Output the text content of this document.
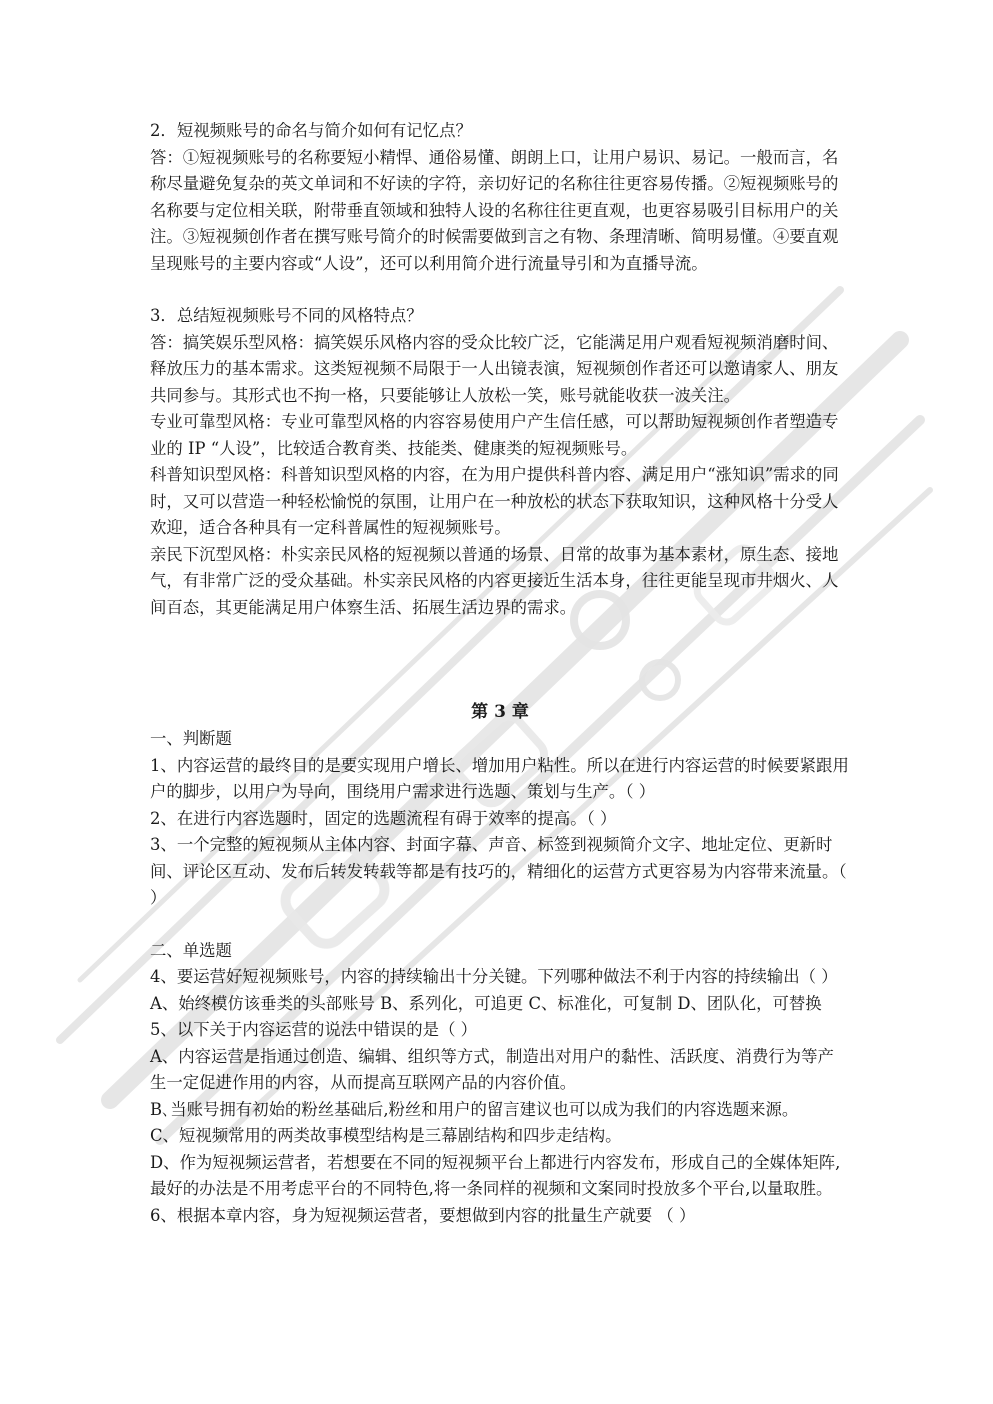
2．短视频账号的命名与简介如何有记忆点？

答：①短视频账号的名称要短小精悍、通俗易懂、朗朗上口，让用户易识、易记。一般而言，名称尽量避免复杂的英文单词和不好读的字符，亲切好记的名称往往更容易传播。②短视频账号的名称要与定位相关联，附带垂直领域和独特人设的名称往往更直观，也更容易吸引目标用户的关注。③短视频创作者在撰写账号简介的时候需要做到言之有物、条理清晰、简明易懂。④要直观呈现账号的主要内容或“人设”，还可以利用简介进行流量导引和为直播导流。

3．总结短视频账号不同的风格特点？

答：搞笑娱乐型风格：搞笑娱乐风格内容的受众比较广泛，它能满足用户观看短视频消磨时间、释放压力的基本需求。这类短视频不局限于一人出镜表演，短视频创作者还可以邀请家人、朋友共同参与。其形式也不拘一格，只要能够让人放松一笑，账号就能收获一波关注。

专业可靠型风格：专业可靠型风格的内容容易使用户产生信任感，可以帮助短视频创作者塑造专业的 IP “人设”，比较适合教育类、技能类、健康类的短视频账号。

科普知识型风格：科普知识型风格的内容，在为用户提供科普内容、满足用户“涨知识”需求的同时，又可以营造一种轻松愉悦的氛围，让用户在一种放松的状态下获取知识，这种风格十分受人欢迎，适合各种具有一定科普属性的短视频账号。

亲民下沉型风格：朴实亲民风格的短视频以普通的场景、日常的故事为基本素材，原生态、接地气，有非常广泛的受众基础。朴实亲民风格的内容更接近生活本身，往往更能呈现市井烟火、人间百态，其更能满足用户体察生活、拓展生活边界的需求。

第 3 章

一、判断题

1、内容运营的最终目的是要实现用户增长、增加用户粘性。所以在进行内容运营的时候要紧跟用户的脚步，以用户为导向，围绕用户需求进行选题、策划与生产。（ ）

2、在进行内容选题时，固定的选题流程有碍于效率的提高。（ ）

3、一个完整的短视频从主体内容、封面字幕、声音、标签到视频简介文字、地址定位、更新时间、评论区互动、发布后转发转载等都是有技巧的，精细化的运营方式更容易为内容带来流量。（ ）

二、单选题

4、要运营好短视频账号，内容的持续输出十分关键。下列哪种做法不利于内容的持续输出（ ）

A、始终模仿该垂类的头部账号 B、系列化，可追更 C、标准化，可复制 D、团队化，可替换

5、以下关于内容运营的说法中错误的是（ ）

A、内容运营是指通过创造、编辑、组织等方式，制造出对用户的黏性、活跃度、消费行为等产生一定促进作用的内容，从而提高互联网产品的内容价值。

B､当账号拥有初始的粉丝基础后,粉丝和用户的留言建议也可以成为我们的内容选题来源。

C、短视频常用的两类故事模型结构是三幕剧结构和四步走结构。

D、作为短视频运营者，若想要在不同的短视频平台上都进行内容发布，形成自己的全媒体矩阵,最好的办法是不用考虑平台的不同特色,将一条同样的视频和文案同时投放多个平台,以量取胜。

6、根据本章内容，身为短视频运营者，要想做到内容的批量生产就要 （ ）
